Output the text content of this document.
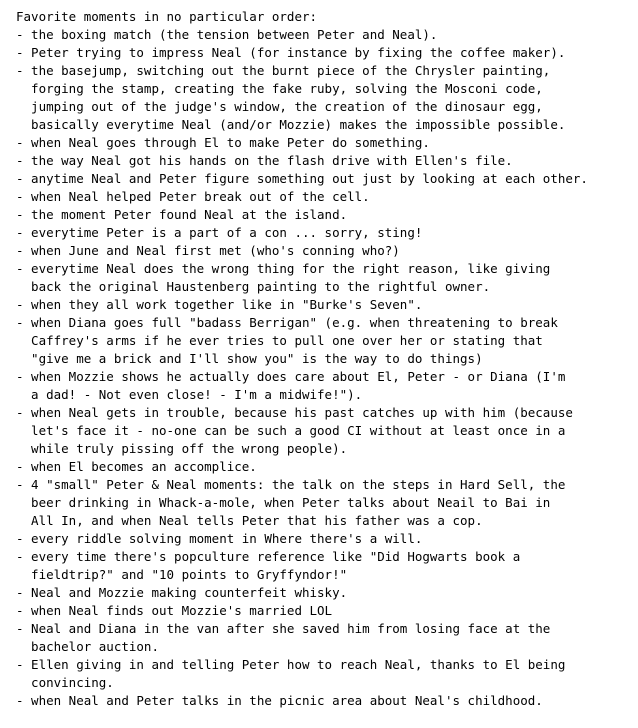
Favorite moments in no particular order:
- the boxing match (the tension between Peter and Neal).
- Peter trying to impress Neal (for instance by fixing the coffee maker).
- the basejump, switching out the burnt piece of the Chrysler painting,
forging the stamp, creating the fake ruby, solving the Mosconi code,
jumping out of the judge's window, the creation of the dinosaur egg,
basically everytime Neal (and/or Mozzie) makes the impossible possible.
- when Neal goes through El to make Peter do something.
- the way Neal got his hands on the flash drive with Ellen's file.
- anytime Neal and Peter figure something out just by looking at each other.
- when Neal helped Peter break out of the cell.
- the moment Peter found Neal at the island.
- everytime Peter is a part of a con ... sorry, sting!
- when June and Neal first met (who's conning who?)
- everytime Neal does the wrong thing for the right reason, like giving
back the original Haustenberg painting to the rightful owner.
- when they all work together like in "Burke's Seven".
- when Diana goes full "badass Berrigan" (e.g. when threatening to break
Caffrey's arms if he ever tries to pull one over her or stating that
"give me a brick and I'll show you" is the way to do things)
- when Mozzie shows he actually does care about El, Peter - or Diana (I'm
a dad! - Not even close! - I'm a midwife!").
- when Neal gets in trouble, because his past catches up with him (because
let's face it - no-one can be such a good CI without at least once in a
while truly pissing off the wrong people).
- when El becomes an accomplice.
- 4 "small" Peter & Neal moments: the talk on the steps in Hard Sell, the
beer drinking in Whack-a-mole, when Peter talks about Neail to Bai in
All In, and when Neal tells Peter that his father was a cop.
- every riddle solving moment in Where there's a will.
- every time there's popculture reference like "Did Hogwarts book a
fieldtrip?" and "10 points to Gryffyndor!"
- Neal and Mozzie making counterfeit whisky.
- when Neal finds out Mozzie's married LOL
- Neal and Diana in the van after she saved him from losing face at the
bachelor auction.
- Ellen giving in and telling Peter how to reach Neal, thanks to El being
convincing.
- when Neal and Peter talks in the picnic area about Neal's childhood.
